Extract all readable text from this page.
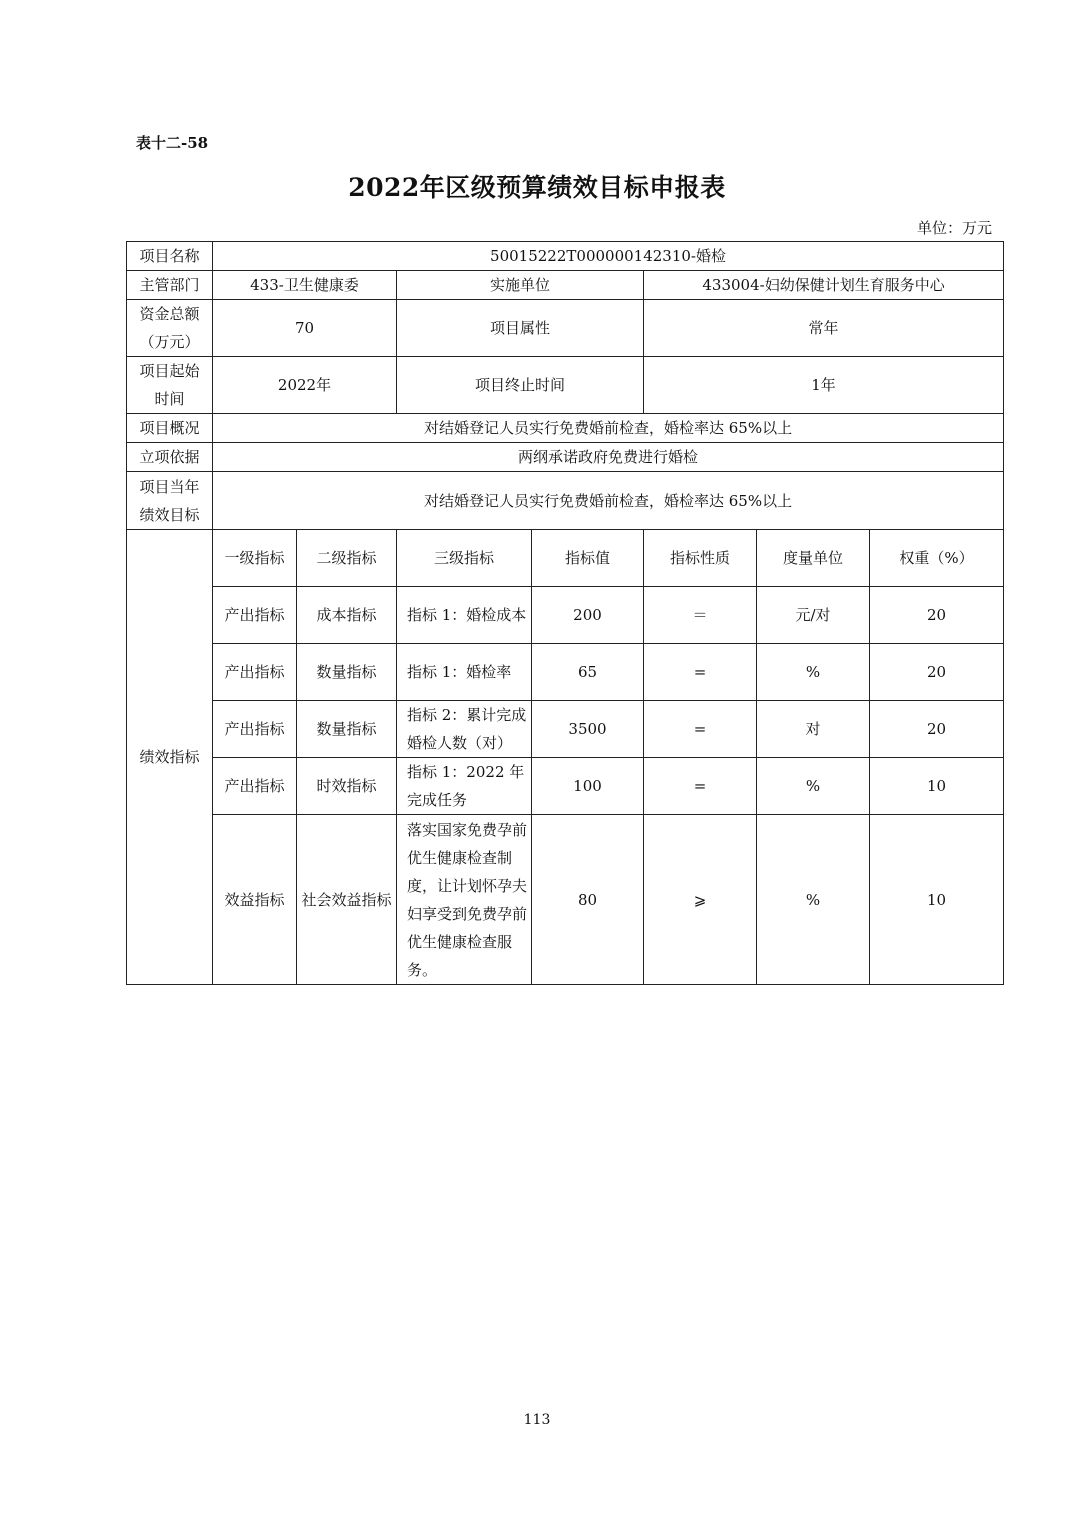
表十二-58
2022年区级预算绩效目标申报表
单位：万元
项目名称	50015222T000000142310-婚检						
主管部门	433-卫生健康委		实施单位		433004-妇幼保健计划生育服务中心		
资金总额
（万元）	70		项目属性		常年		
项目起始
时间	2022年		项目终止时间		1年		
项目概况	对结婚登记人员实行免费婚前检查，婚检率达 65%以上						
立项依据	两纲承诺政府免费进行婚检						
项目当年
绩效目标	对结婚登记人员实行免费婚前检查，婚检率达 65%以上						
绩效指标	一级指标	二级指标	三级指标	指标值	指标性质	度量单位	权重（%）
	产出指标	成本指标	指标 1：婚检成本	200	＝	元/对	20
	产出指标	数量指标	指标 1：婚检率	65	=	%	20
	产出指标	数量指标	指标 2：累计完成婚检人数（对）	3500	=	对	20
	产出指标	时效指标	指标 1：2022 年完成任务	100	=	%	10
	效益指标	社会效益指标	落实国家免费孕前优生健康检查制度，让计划怀孕夫妇享受到免费孕前优生健康检查服务。	80	⩾	%	10
113
